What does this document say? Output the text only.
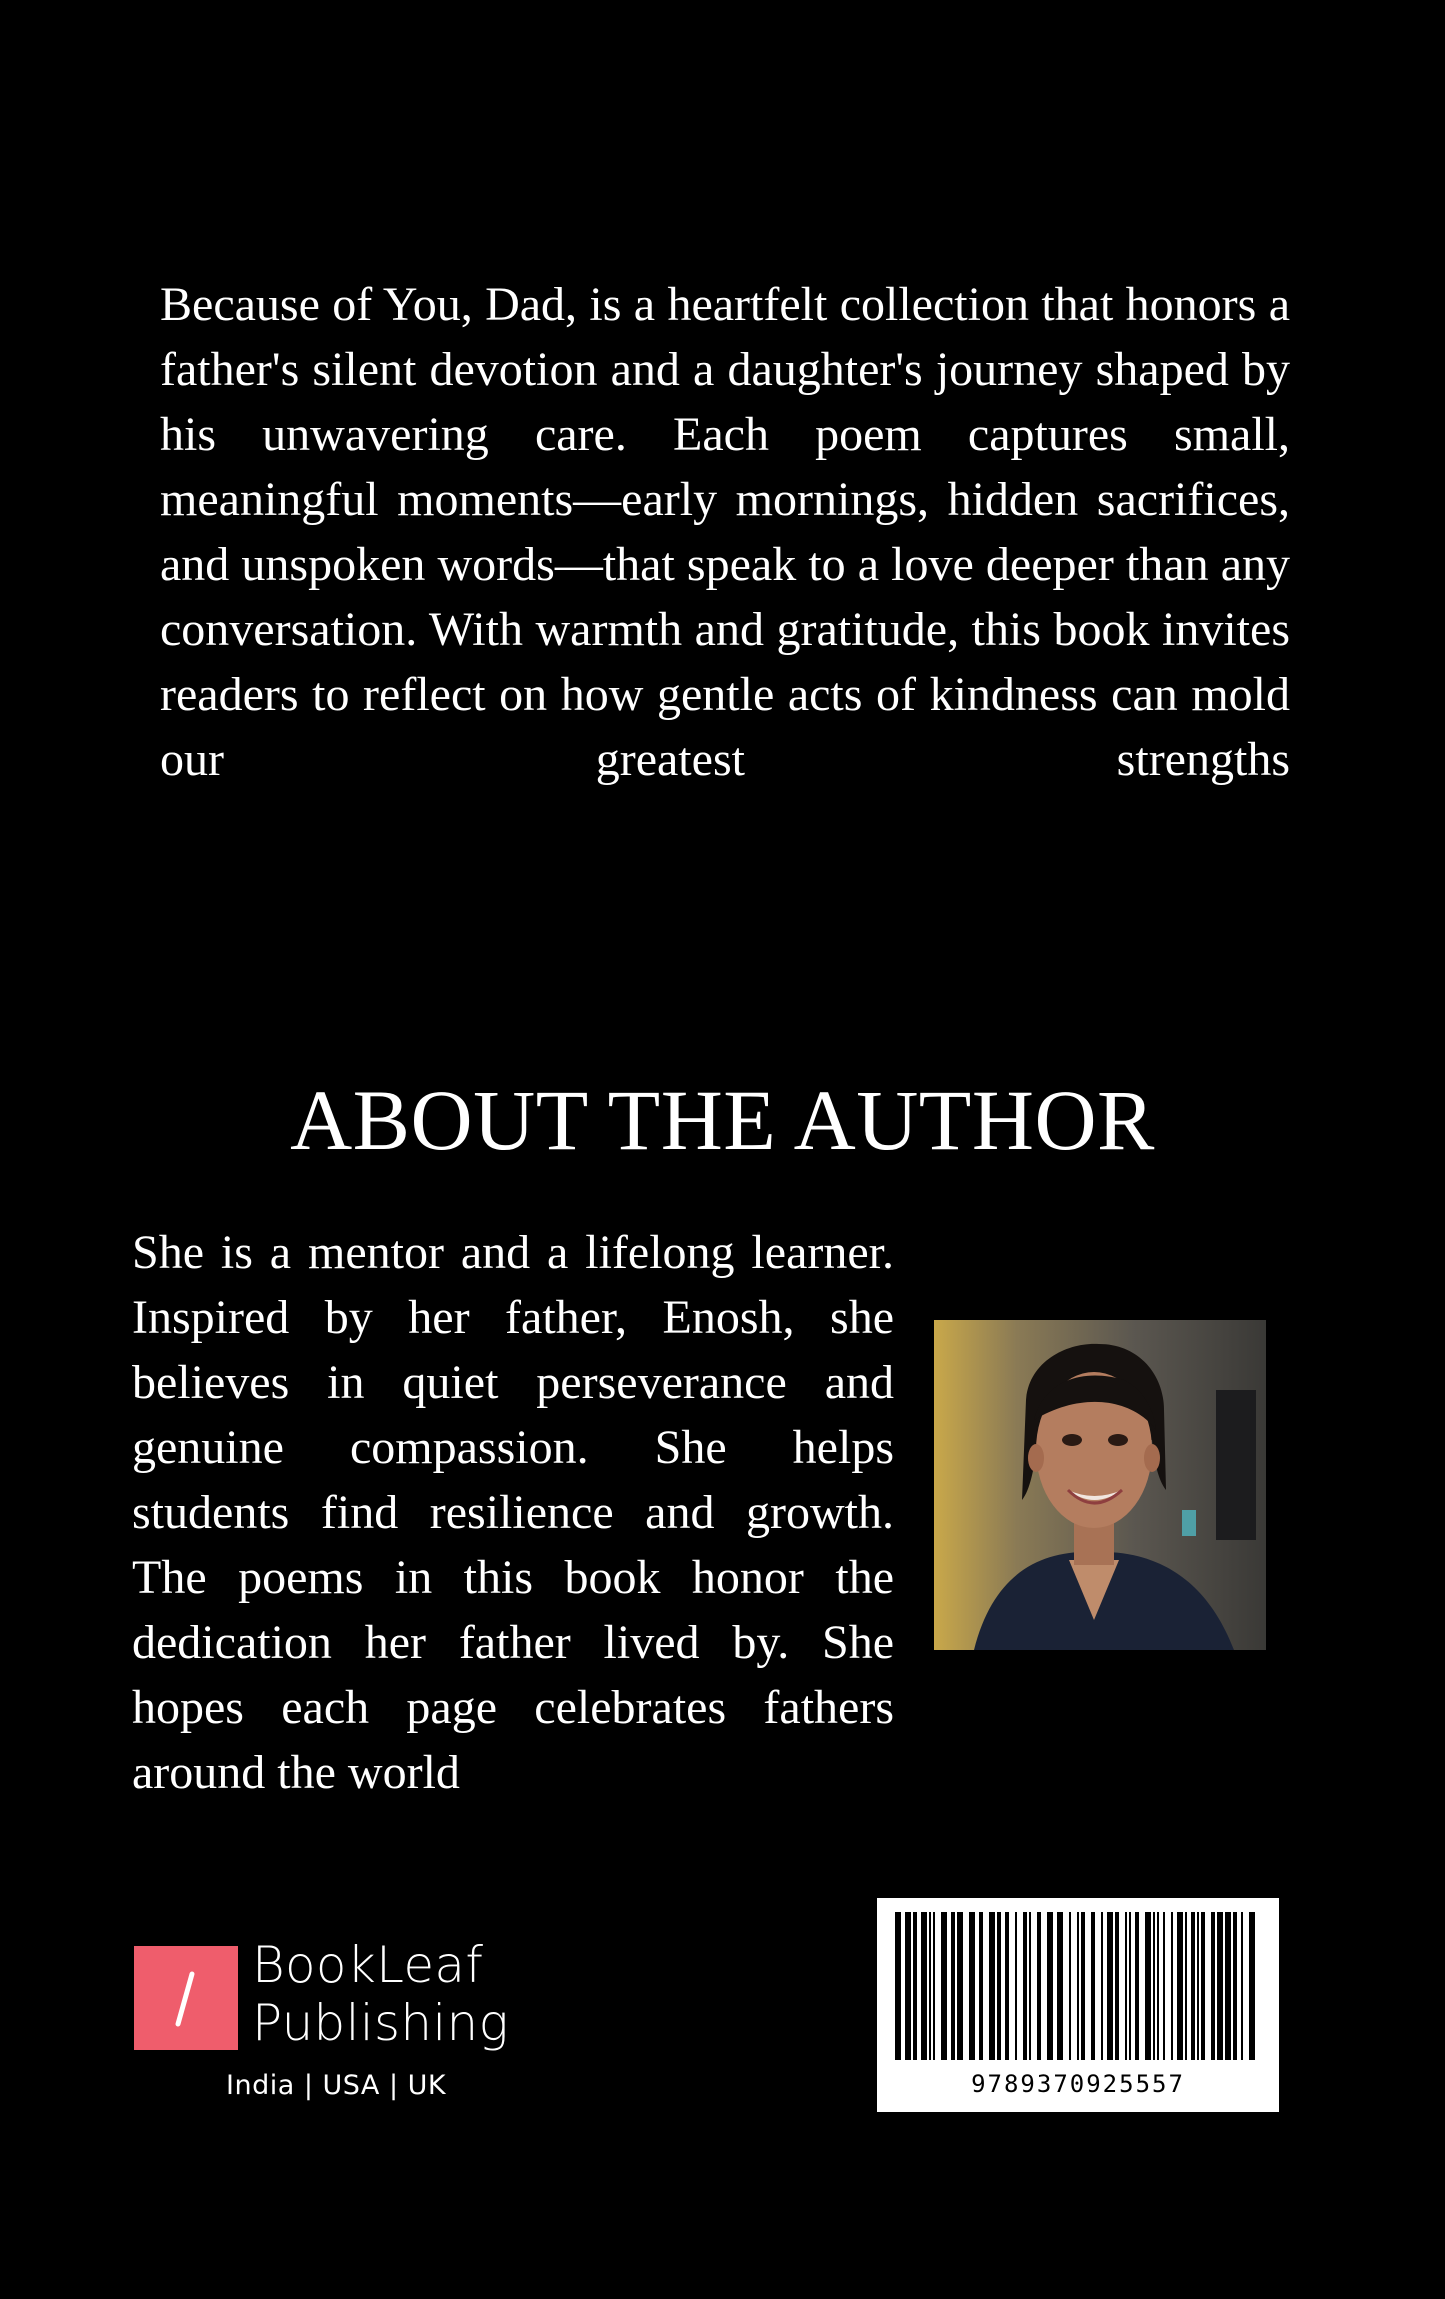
Because of You, Dad, is a heartfelt collection that honors a father's silent devotion and a daughter's journey shaped by his unwavering care. Each poem captures small, meaningful moments—early mornings, hidden sacrifices, and unspoken words—that speak to a love deeper than any conversation. With warmth and gratitude, this book invites readers to reflect on how gentle acts of kindness can mold our greatest strengths

ABOUT THE AUTHOR

She is a mentor and a lifelong learner. Inspired by her father, Enosh, she believes in quiet perseverance and genuine compassion. She helps students find resilience and growth. The poems in this book honor the dedication her father lived by. She hopes each page celebrates fathers around the world

BookLeaf
Publishing

India | USA | UK	9789370925557
